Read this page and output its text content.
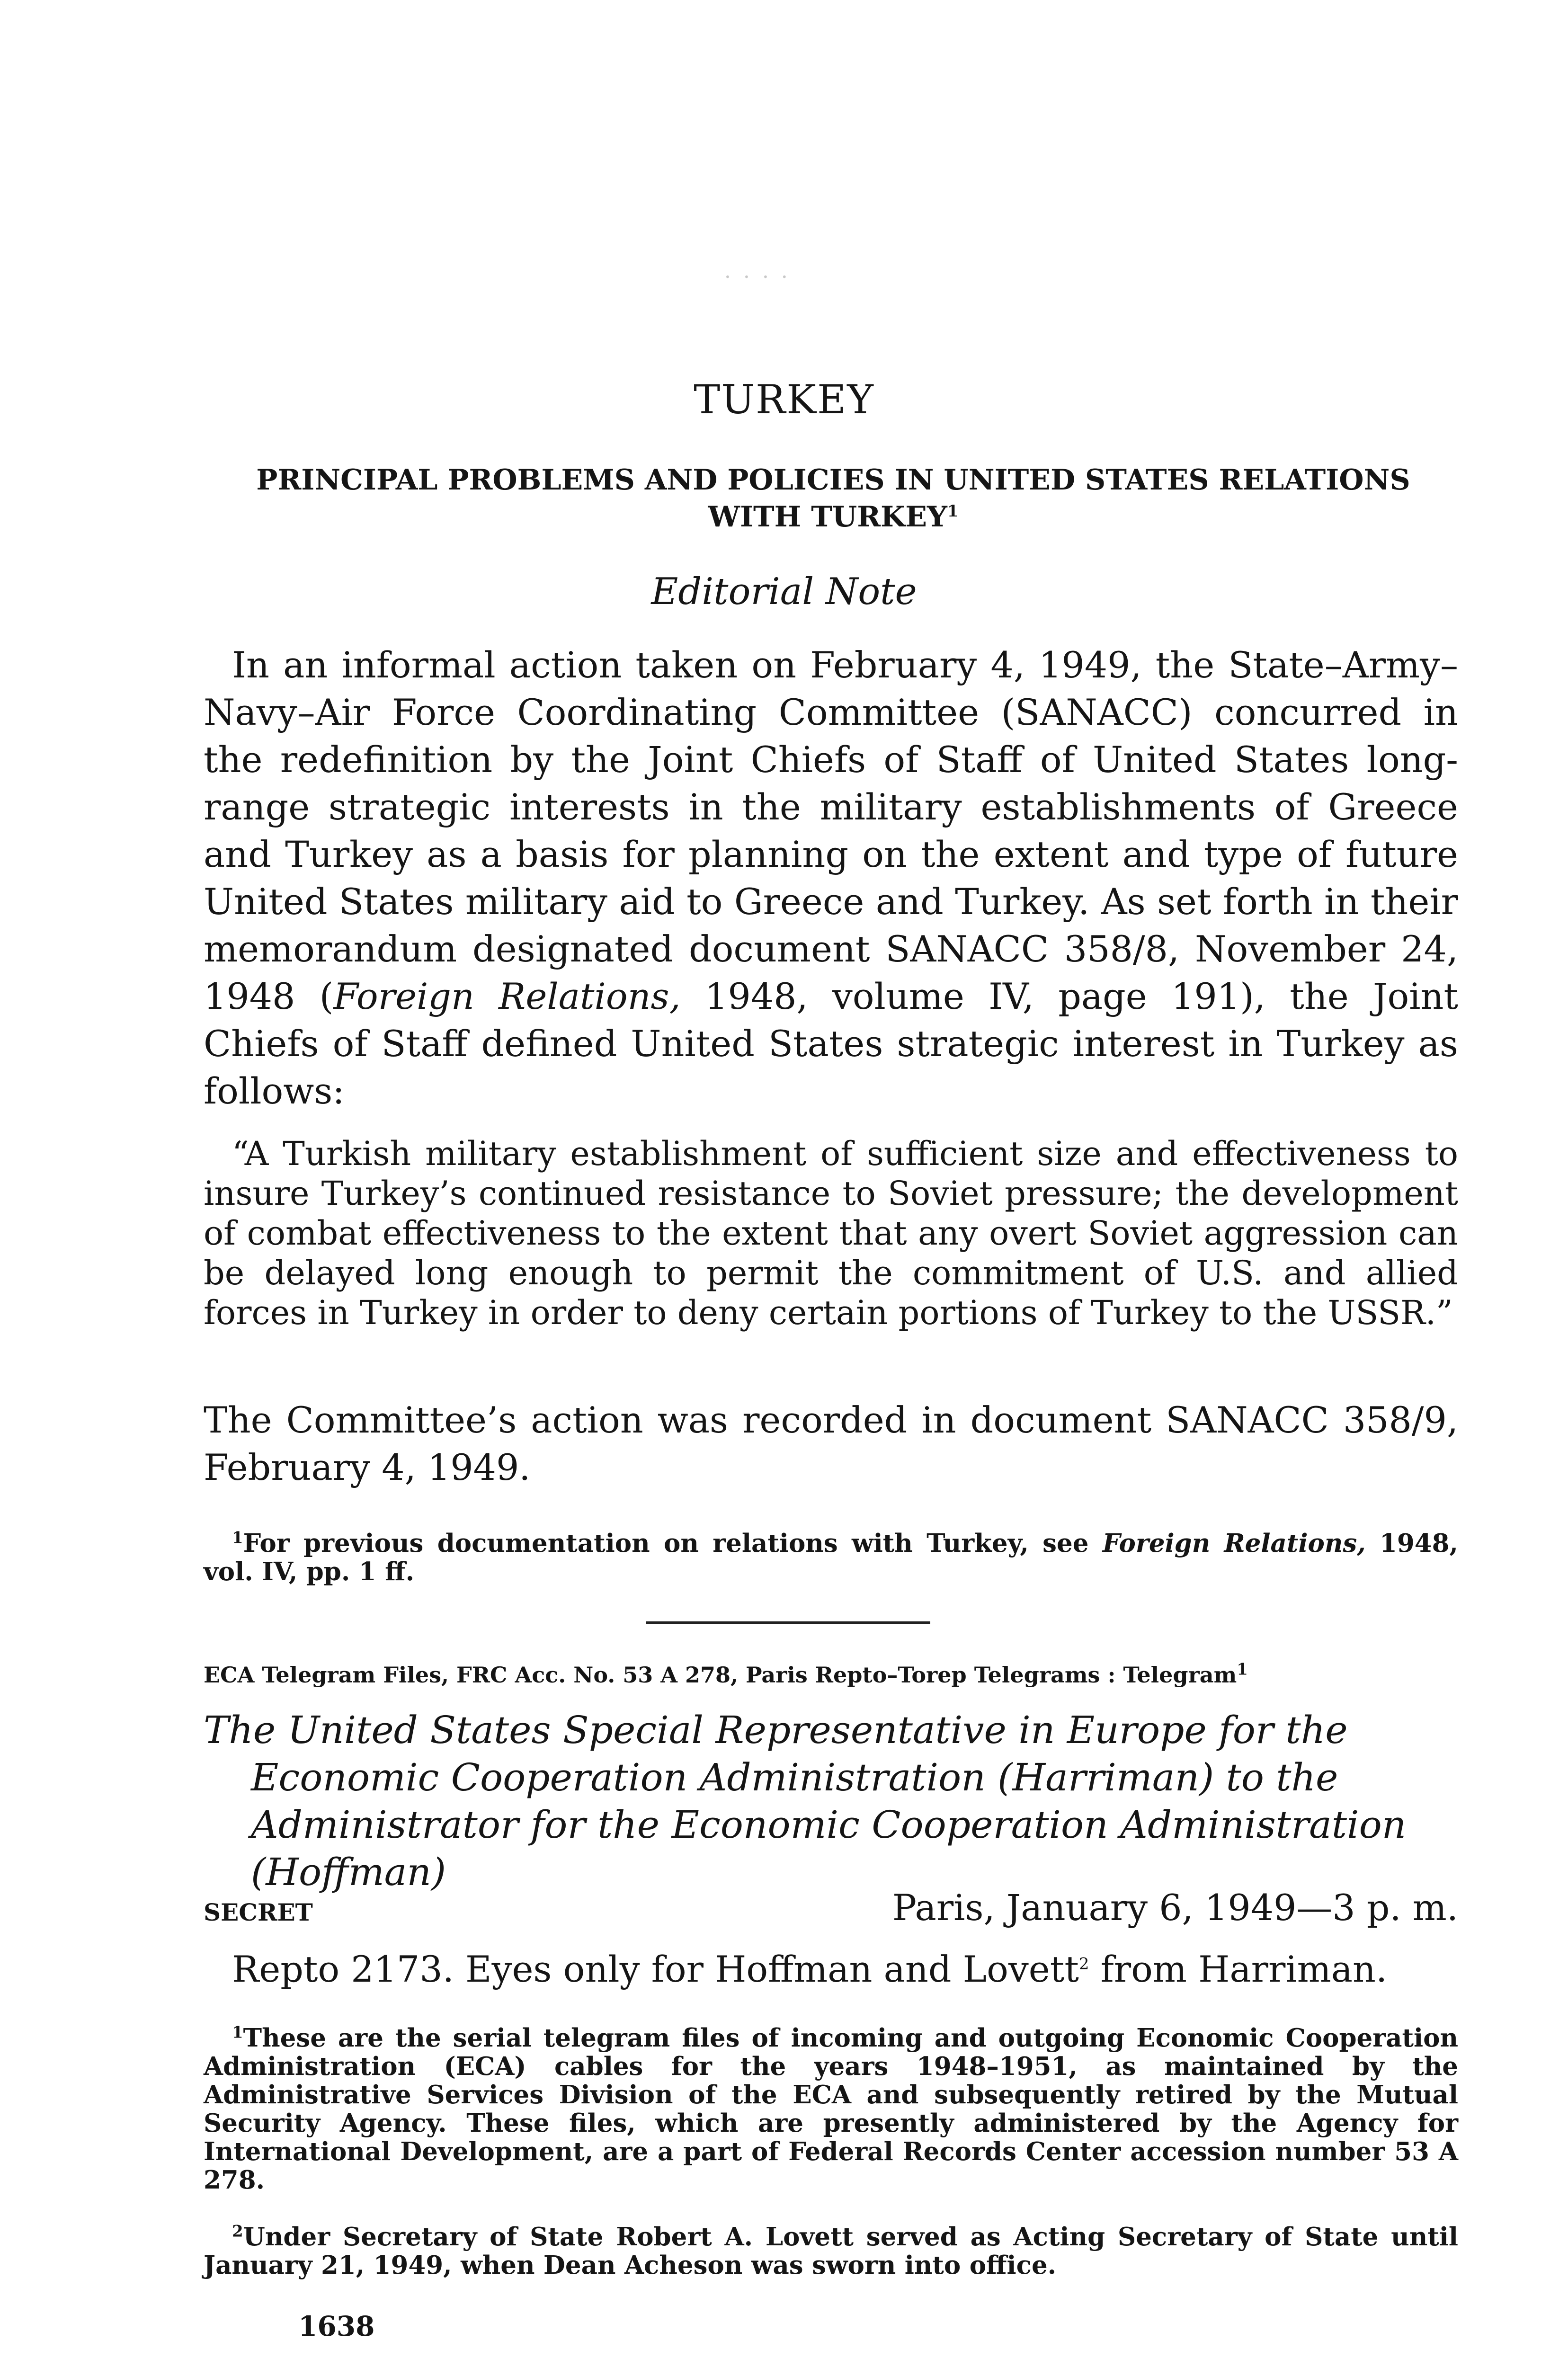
· · · ·
TURKEY
PRINCIPAL PROBLEMS AND POLICIES IN UNITED STATES RELATIONS
WITH TURKEY$^1$
Editorial Note
In an informal action taken on February 4, 1949, the State–Army–Navy–Air Force Coordinating Committee (SANACC) concurred in the redefinition by the Joint Chiefs of Staff of United States long-range strategic interests in the military establishments of Greece and Turkey as a basis for planning on the extent and type of future United States military aid to Greece and Turkey. As set forth in their memorandum designated document SANACC 358/8, November 24, 1948 (Foreign Relations, 1948, volume IV, page 191), the Joint Chiefs of Staff defined United States strategic interest in Turkey as follows:
“A Turkish military establishment of sufficient size and effectiveness to insure Turkey’s continued resistance to Soviet pressure; the development of combat effectiveness to the extent that any overt Soviet aggression can be delayed long enough to permit the commitment of U.S. and allied forces in Turkey in order to deny certain portions of Turkey to the USSR.”
The Committee’s action was recorded in document SANACC 358/9, February 4, 1949.
$^1$For previous documentation on relations with Turkey, see Foreign Relations, 1948, vol. IV, pp. 1 ff.
ECA Telegram Files, FRC Acc. No. 53 A 278, Paris Repto–Torep Telegrams : Telegram$^1$
The United States Special Representative in Europe for the Economic Cooperation Administration (Harriman) to the Administrator for the Economic Cooperation Administration (Hoffman)
SECRET	Paris, January 6, 1949—3 p. m.
Repto 2173. Eyes only for Hoffman and Lovett$^2$ from Harriman.
$^1$These are the serial telegram files of incoming and outgoing Economic Cooperation Administration (ECA) cables for the years 1948–1951, as maintained by the Administrative Services Division of the ECA and subsequently retired by the Mutual Security Agency. These files, which are presently administered by the Agency for International Development, are a part of Federal Records Center accession number 53 A 278.
$^2$Under Secretary of State Robert A. Lovett served as Acting Secretary of State until January 21, 1949, when Dean Acheson was sworn into office.
1638
